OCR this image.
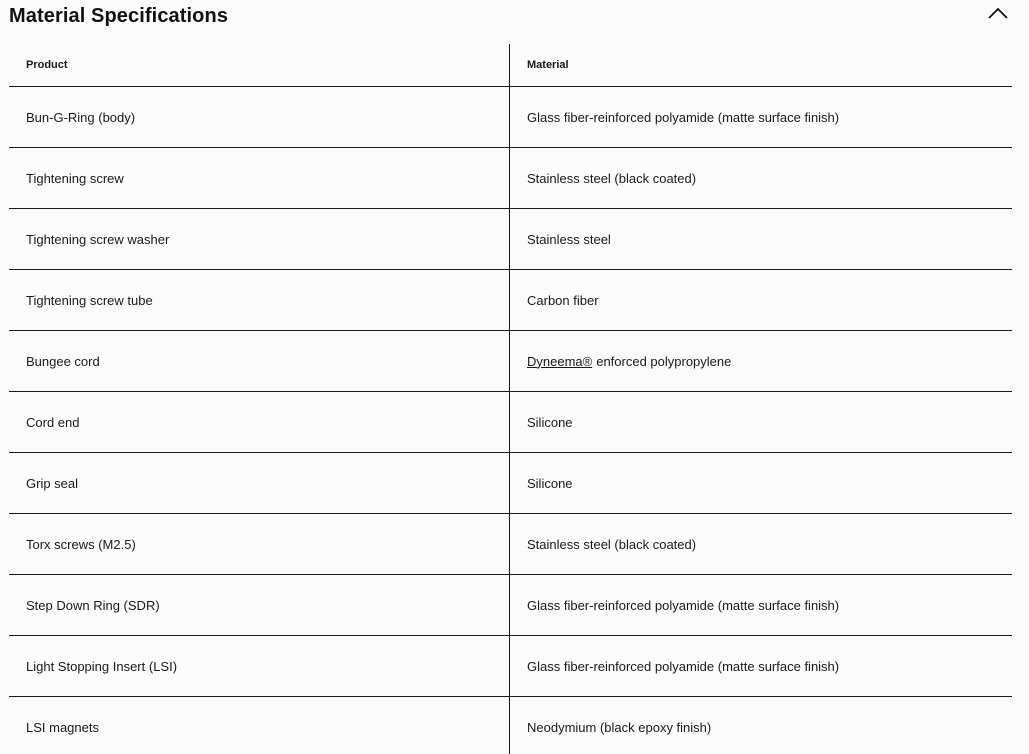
Material Specifications
Product	Material
Bun-G-Ring (body)	Glass fiber-reinforced polyamide (matte surface finish)
Tightening screw	Stainless steel (black coated)
Tightening screw washer	Stainless steel
Tightening screw tube	Carbon fiber
Bungee cord	Dyneema® enforced polypropylene
Cord end	Silicone
Grip seal	Silicone
Torx screws (M2.5)	Stainless steel (black coated)
Step Down Ring (SDR)	Glass fiber-reinforced polyamide (matte surface finish)
Light Stopping Insert (LSI)	Glass fiber-reinforced polyamide (matte surface finish)
LSI magnets	Neodymium (black epoxy finish)
